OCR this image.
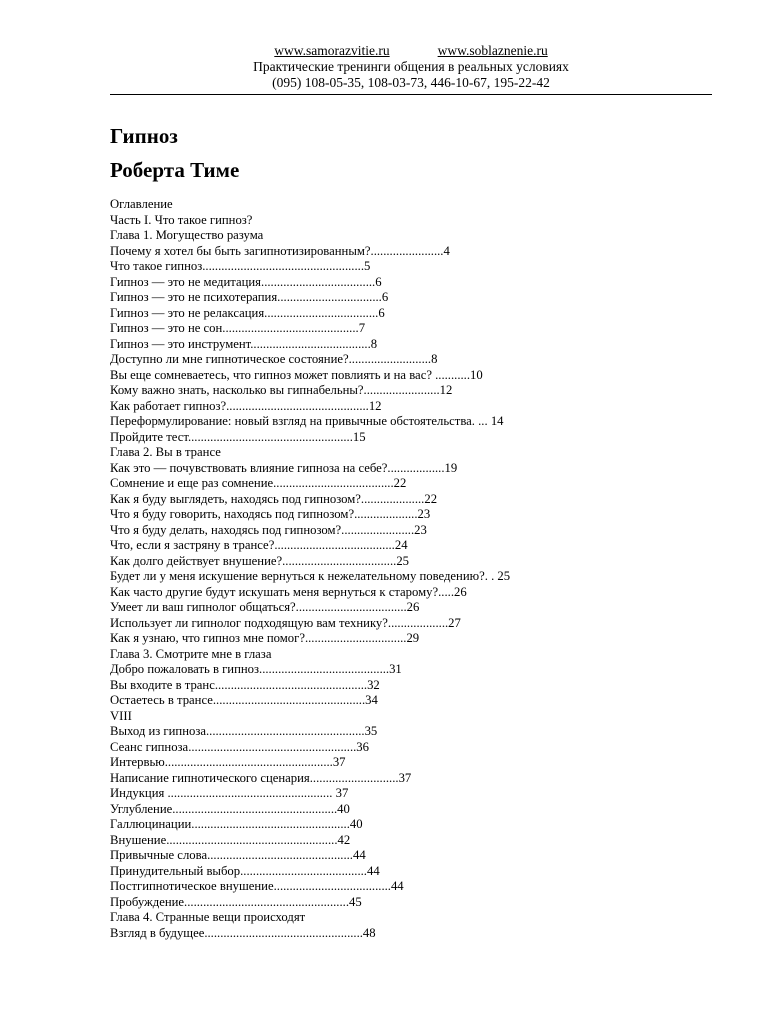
www.samorazvitie.ru	www.soblaznenie.ru
Практические тренинги общения в реальных условиях
(095) 108-05-35, 108-03-73, 446-10-67, 195-22-42
Гипноз
Роберта Тиме
Оглавление
Часть I. Что такое гипноз?
Глава 1. Могущество разума
Почему я хотел бы быть загипнотизированным?.......................4
Что такое гипноз...................................................5
Гипноз — это не медитация....................................6
Гипноз — это не психотерапия.................................6
Гипноз — это не релаксация....................................6
Гипноз — это не сон...........................................7
Гипноз — это инструмент......................................8
Доступно ли мне гипнотическое состояние?..........................8
Вы еще сомневаетесь, что гипноз может повлиять и на вас? ...........10
Кому важно знать, насколько вы гипнабельны?........................12
Как работает гипноз?.............................................12
Переформулирование: новый взгляд на привычные обстоятельства. ... 14
Пройдите тест....................................................15
Глава 2. Вы в трансе
Как это — почувствовать влияние гипноза на себе?..................19
Сомнение и еще раз сомнение......................................22
Как я буду выглядеть, находясь под гипнозом?....................22
Что я буду говорить, находясь под гипнозом?....................23
Что я буду делать, находясь под гипнозом?.......................23
Что, если я застряну в трансе?......................................24
Как долго действует внушение?....................................25
Будет ли у меня искушение вернуться к нежелательному поведению?. . 25
Как часто другие будут искушать меня вернуться к старому?.....26
Умеет ли ваш гипнолог общаться?...................................26
Использует ли гипнолог подходящую вам технику?...................27
Как я узнаю, что гипноз мне помог?................................29
Глава 3. Смотрите мне в глаза
Добро пожаловать в гипноз.........................................31
Вы входите в транс................................................32
Остаетесь в трансе................................................34
VIII
Выход из гипноза..................................................35
Сеанс гипноза.....................................................36
Интервью.....................................................37
Написание гипнотического сценария............................37
Индукция .................................................... 37
Углубление....................................................40
Галлюцинации..................................................40
Внушение......................................................42
Привычные слова..............................................44
Принудительный выбор........................................44
Постгипнотическое внушение.....................................44
Пробуждение....................................................45
Глава 4. Странные вещи происходят
Взгляд в будущее..................................................48
